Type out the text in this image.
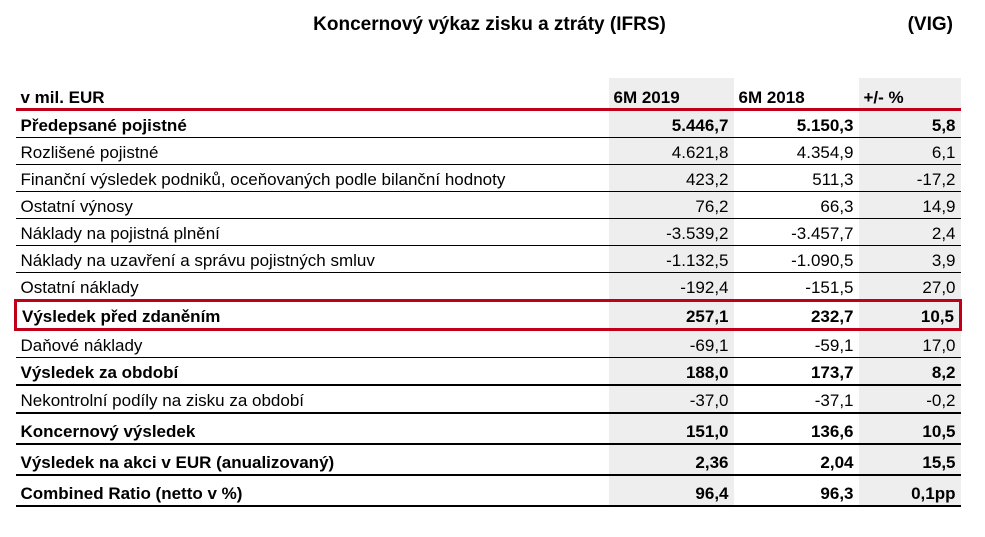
Koncernový výkaz zisku a ztráty (IFRS)	(VIG)
v mil. EUR	6M 2019	6M 2018	+/- %
Předepsané pojistné	5.446,7	5.150,3	5,8
Rozlišené pojistné	4.621,8	4.354,9	6,1
Finanční výsledek podniků, oceňovaných podle bilanční hodnoty	423,2	511,3	-17,2
Ostatní výnosy	76,2	66,3	14,9
Náklady na pojistná plnění	-3.539,2	-3.457,7	2,4
Náklady na uzavření a správu pojistných smluv	-1.132,5	-1.090,5	3,9
Ostatní náklady	-192,4	-151,5	27,0
Výsledek před zdaněním	257,1	232,7	10,5
Daňové náklady	-69,1	-59,1	17,0
Výsledek za období	188,0	173,7	8,2
Nekontrolní podíly na zisku za období	-37,0	-37,1	-0,2
Koncernový výsledek	151,0	136,6	10,5
Výsledek na akci v EUR (anualizovaný)	2,36	2,04	15,5
Combined Ratio (netto v %)	96,4	96,3	0,1pp
